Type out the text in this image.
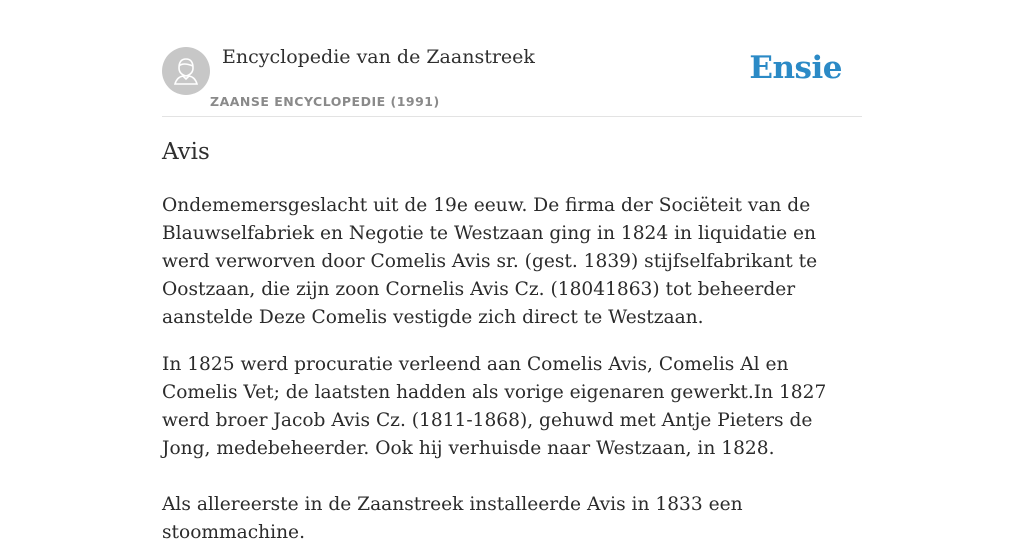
Encyclopedie van de Zaanstreek
ZAANSE ENCYCLOPEDIE (1991)
Ensie
Avis

Ondememersgeslacht uit de 19e eeuw. De firma der Sociëteit van de Blauwselfabriek en Negotie te Westzaan ging in 1824 in liquidatie en werd verworven door Comelis Avis sr. (gest. 1839) stijfselfabrikant te Oostzaan, die zijn zoon Cornelis Avis Cz. (18041863) tot beheerder aanstelde Deze Comelis vestigde zich direct te Westzaan.

In 1825 werd procuratie verleend aan Comelis Avis, Comelis Al en Comelis Vet; de laatsten hadden als vorige eigenaren gewerkt.In 1827 werd broer Jacob Avis Cz. (1811-1868), gehuwd met Antje Pieters de Jong, medebeheerder. Ook hij verhuisde naar Westzaan, in 1828.

Als allereerste in de Zaanstreek installeerde Avis in 1833 een stoommachine.
